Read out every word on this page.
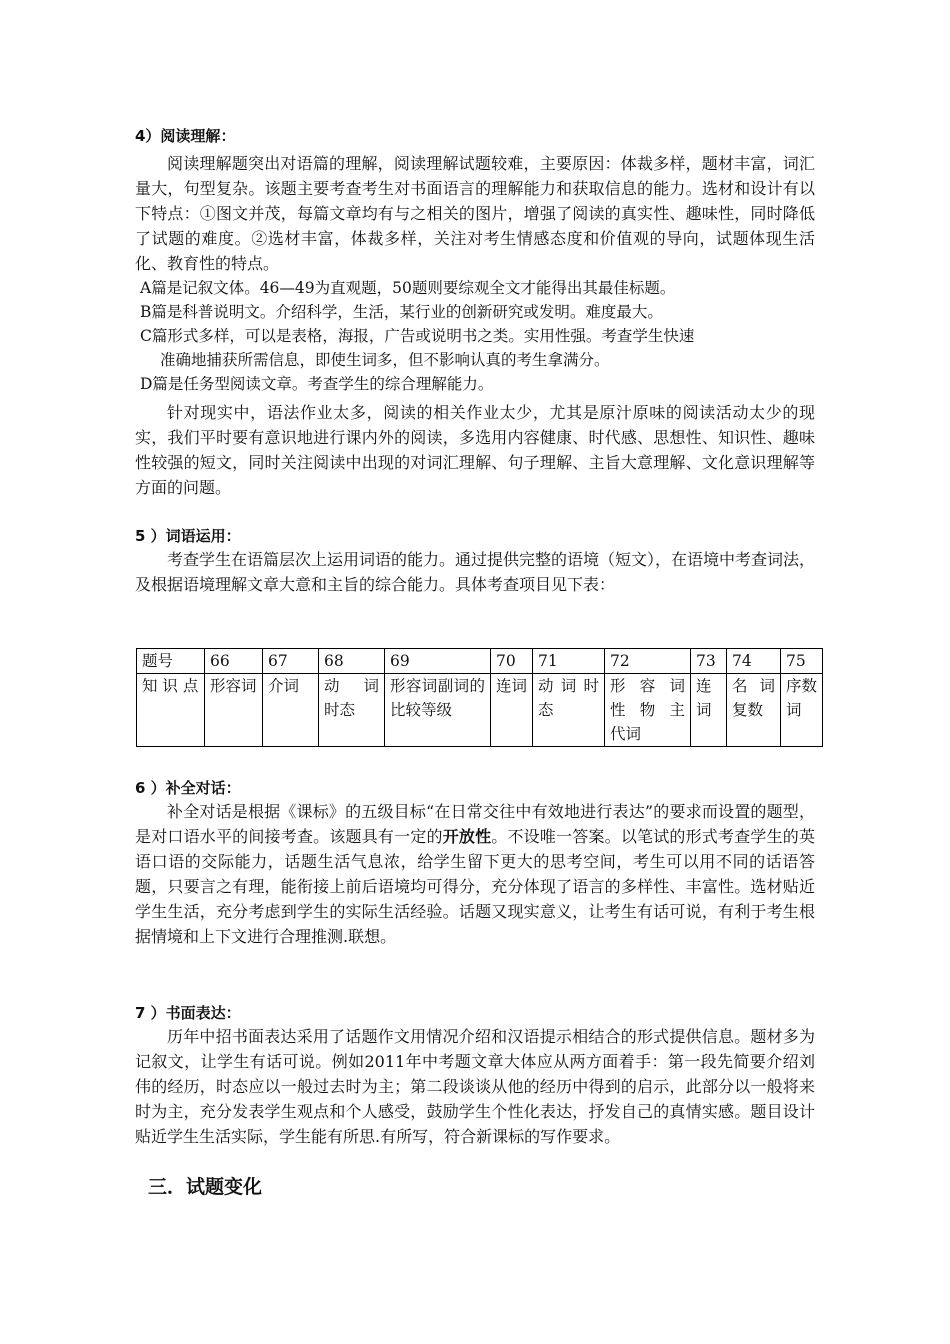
4）阅读理解：
阅读理解题突出对语篇的理解，阅读理解试题较难，主要原因：体裁多样，题材丰富，词汇量大，句型复杂。该题主要考查考生对书面语言的理解能力和获取信息的能力。选材和设计有以下特点：①图文并茂，每篇文章均有与之相关的图片，增强了阅读的真实性、趣味性，同时降低了试题的难度。②选材丰富，体裁多样，关注对考生情感态度和价值观的导向，试题体现生活化、教育性的特点。
A篇是记叙文体。46—49为直观题，50题则要综观全文才能得出其最佳标题。
B篇是科普说明文。介绍科学，生活，某行业的创新研究或发明。难度最大。
C篇形式多样，可以是表格，海报，广告或说明书之类。实用性强。考查学生快速
准确地捕获所需信息，即使生词多，但不影响认真的考生拿满分。
D篇是任务型阅读文章。考查学生的综合理解能力。
针对现实中，语法作业太多，阅读的相关作业太少，尤其是原汁原味的阅读活动太少的现实，我们平时要有意识地进行课内外的阅读，多选用内容健康、时代感、思想性、知识性、趣味性较强的短文，同时关注阅读中出现的对词汇理解、句子理解、主旨大意理解、文化意识理解等方面的问题。
5 ）词语运用：
考查学生在语篇层次上运用词语的能力。通过提供完整的语境（短文），在语境中考查词法，及根据语境理解文章大意和主旨的综合能力。具体考查项目见下表：
题号	66	67	68	69	70	71	72	73	74	75
知 识 点	形容词	介词	动 词 时态	形容词副词的比较等级	连词	动 词 时态	形 容 词 性 物 主 代词	连词	名词复数	序数词
6 ）补全对话：
补全对话是根据《课标》的五级目标“在日常交往中有效地进行表达”的要求而设置的题型，是对口语水平的间接考查。该题具有一定的开放性。不设唯一答案。以笔试的形式考查学生的英语口语的交际能力，话题生活气息浓，给学生留下更大的思考空间，考生可以用不同的话语答题，只要言之有理，能衔接上前后语境均可得分，充分体现了语言的多样性、丰富性。选材贴近学生生活，充分考虑到学生的实际生活经验。话题又现实意义，让考生有话可说，有利于考生根据情境和上下文进行合理推测.联想。
7 ）书面表达：
历年中招书面表达采用了话题作文用情况介绍和汉语提示相结合的形式提供信息。题材多为记叙文，让学生有话可说。例如2011年中考题文章大体应从两方面着手：第一段先简要介绍刘伟的经历，时态应以一般过去时为主；第二段谈谈从他的经历中得到的启示，此部分以一般将来时为主，充分发表学生观点和个人感受，鼓励学生个性化表达，抒发自己的真情实感。题目设计贴近学生生活实际，学生能有所思.有所写，符合新课标的写作要求。
三．试题变化
